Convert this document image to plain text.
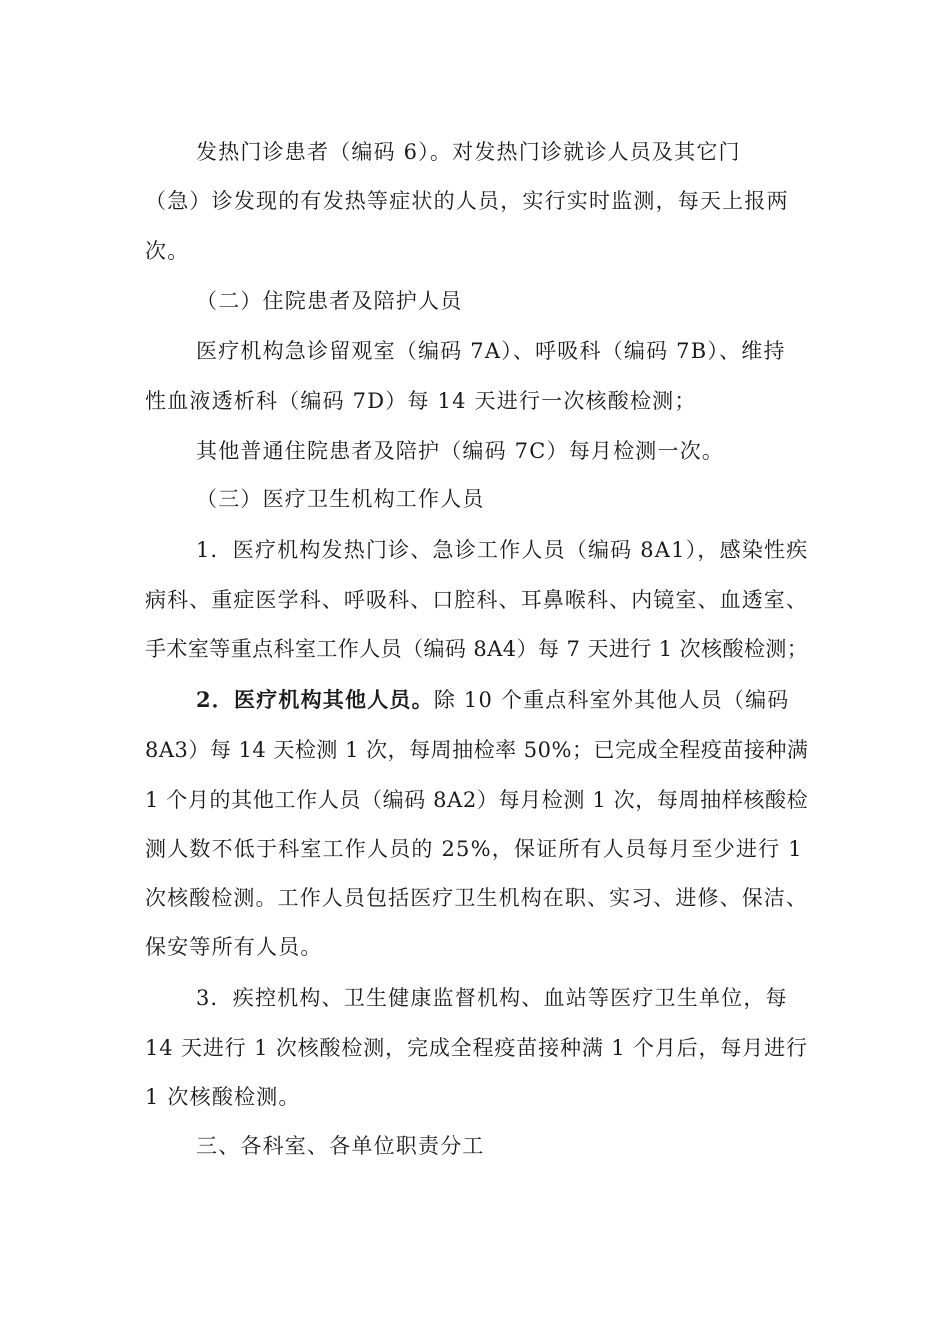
发热门诊患者（编码 6）。对发热门诊就诊人员及其它门
（急）诊发现的有发热等症状的人员，实行实时监测，每天上报两
次。
（二）住院患者及陪护人员
医疗机构急诊留观室（编码 7A）、呼吸科（编码 7B）、维持
性血液透析科（编码 7D）每 14 天进行一次核酸检测；
其他普通住院患者及陪护（编码 7C）每月检测一次。
（三）医疗卫生机构工作人员
1．医疗机构发热门诊、急诊工作人员（编码 8A1），感染性疾
病科、重症医学科、呼吸科、口腔科、耳鼻喉科、内镜室、血透室、
手术室等重点科室工作人员（编码 8A4）每 7 天进行 1 次核酸检测；
2．医疗机构其他人员。除 10 个重点科室外其他人员（编码
8A3）每 14 天检测 1 次，每周抽检率 50%；已完成全程疫苗接种满
1 个月的其他工作人员（编码 8A2）每月检测 1 次，每周抽样核酸检
测人数不低于科室工作人员的 25%，保证所有人员每月至少进行 1
次核酸检测。工作人员包括医疗卫生机构在职、实习、进修、保洁、
保安等所有人员。
3．疾控机构、卫生健康监督机构、血站等医疗卫生单位，每
14 天进行 1 次核酸检测，完成全程疫苗接种满 1 个月后，每月进行
1 次核酸检测。
三、各科室、各单位职责分工
